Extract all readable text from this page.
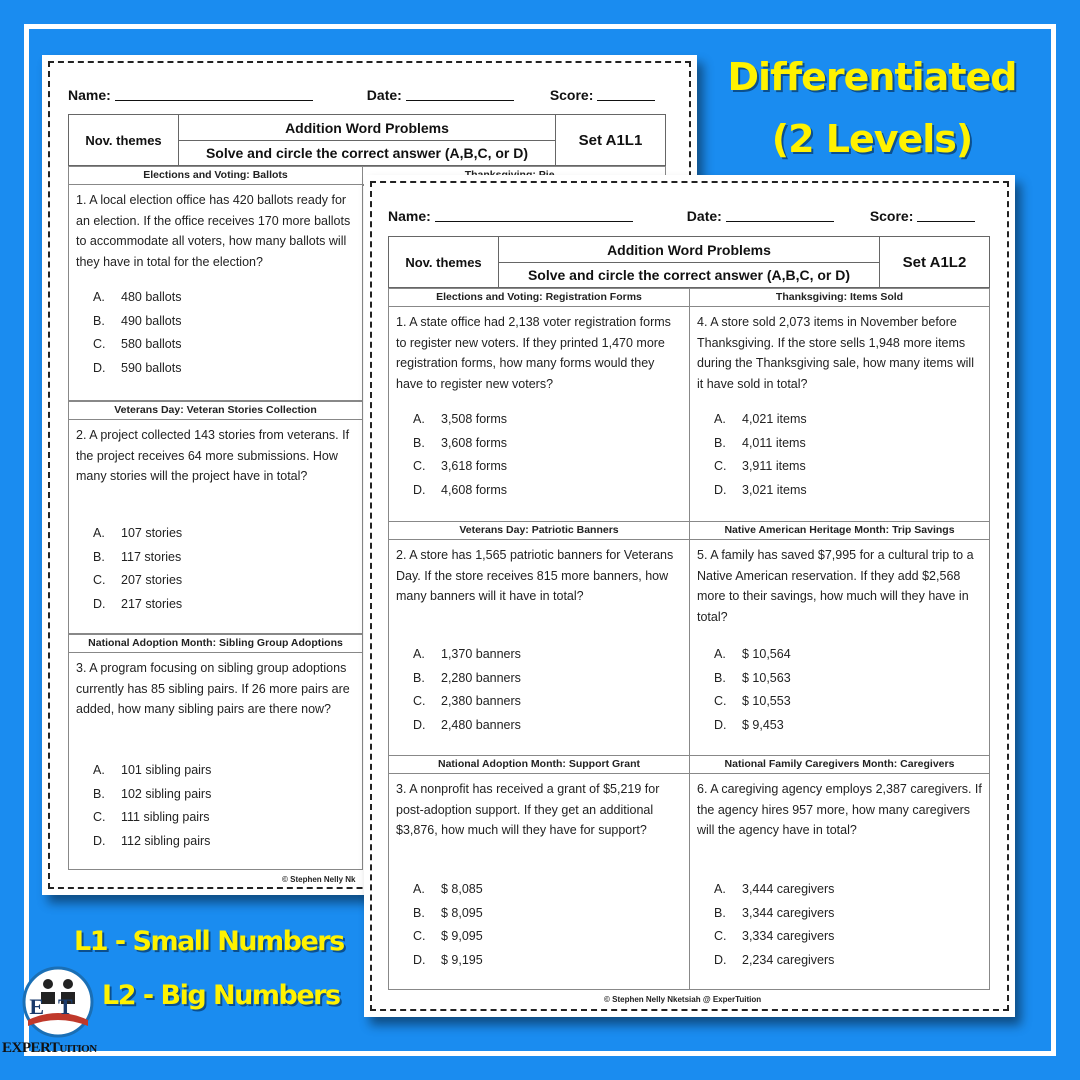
Name:	Date:	Score:
Nov. themes	Addition Word Problems	Set A1L1
Solve and circle the correct answer (A,B,C, or D)
Elections and Voting: Ballots
1. A local election office has 420 ballots ready for an election. If the office receives 170 more ballots to accommodate all voters, how many ballots will they have in total for the election?
A. 480 ballots
B. 490 ballots
C. 580 ballots
D. 590 ballots
Veterans Day: Veteran Stories Collection
2. A project collected 143 stories from veterans. If the project receives 64 more submissions. How many stories will the project have in total?
A. 107 stories
B. 117 stories
C. 207 stories
D. 217 stories
National Adoption Month: Sibling Group Adoptions
3. A program focusing on sibling group adoptions currently has 85 sibling pairs. If 26 more pairs are added, how many sibling pairs are there now?
A. 101 sibling pairs
B. 102 sibling pairs
C. 111 sibling pairs
D. 112 sibling pairs
© Stephen Nelly Nk
Name:	Date:	Score:
Nov. themes	Addition Word Problems	Set A1L2
Solve and circle the correct answer (A,B,C, or D)
Elections and Voting: Registration Forms
1. A state office had 2,138 voter registration forms to register new voters. If they printed 1,470 more registration forms, how many forms would they have to register new voters?
A. 3,508 forms
B. 3,608 forms
C. 3,618 forms
D. 4,608 forms
Thanksgiving: Items Sold
4. A store sold 2,073 items in November before Thanksgiving. If the store sells 1,948 more items during the Thanksgiving sale, how many items will it have sold in total?
A. 4,021 items
B. 4,011 items
C. 3,911 items
D. 3,021 items
Veterans Day: Patriotic Banners
2. A store has 1,565 patriotic banners for Veterans Day. If the store receives 815 more banners, how many banners will it have in total?
A. 1,370 banners
B. 2,280 banners
C. 2,380 banners
D. 2,480 banners
Native American Heritage Month: Trip Savings
5. A family has saved $7,995 for a cultural trip to a Native American reservation. If they add $2,568 more to their savings, how much will they have in total?
A. $ 10,564
B. $ 10,563
C. $ 10,553
D. $ 9,453
National Adoption Month: Support Grant
3. A nonprofit has received a grant of $5,219 for post-adoption support. If they get an additional $3,876, how much will they have for support?
A. $ 8,085
B. $ 8,095
C. $ 9,095
D. $ 9,195
National Family Caregivers Month: Caregivers
6. A caregiving agency employs 2,387 caregivers. If the agency hires 957 more, how many caregivers will the agency have in total?
A. 3,444 caregivers
B. 3,344 caregivers
C. 3,334 caregivers
D. 2,234 caregivers
© Stephen Nelly Nketsiah @ ExperTuition
Differentiated
(2 Levels)
L1 - Small Numbers
L2 - Big Numbers
ET
EXPERTUITION
